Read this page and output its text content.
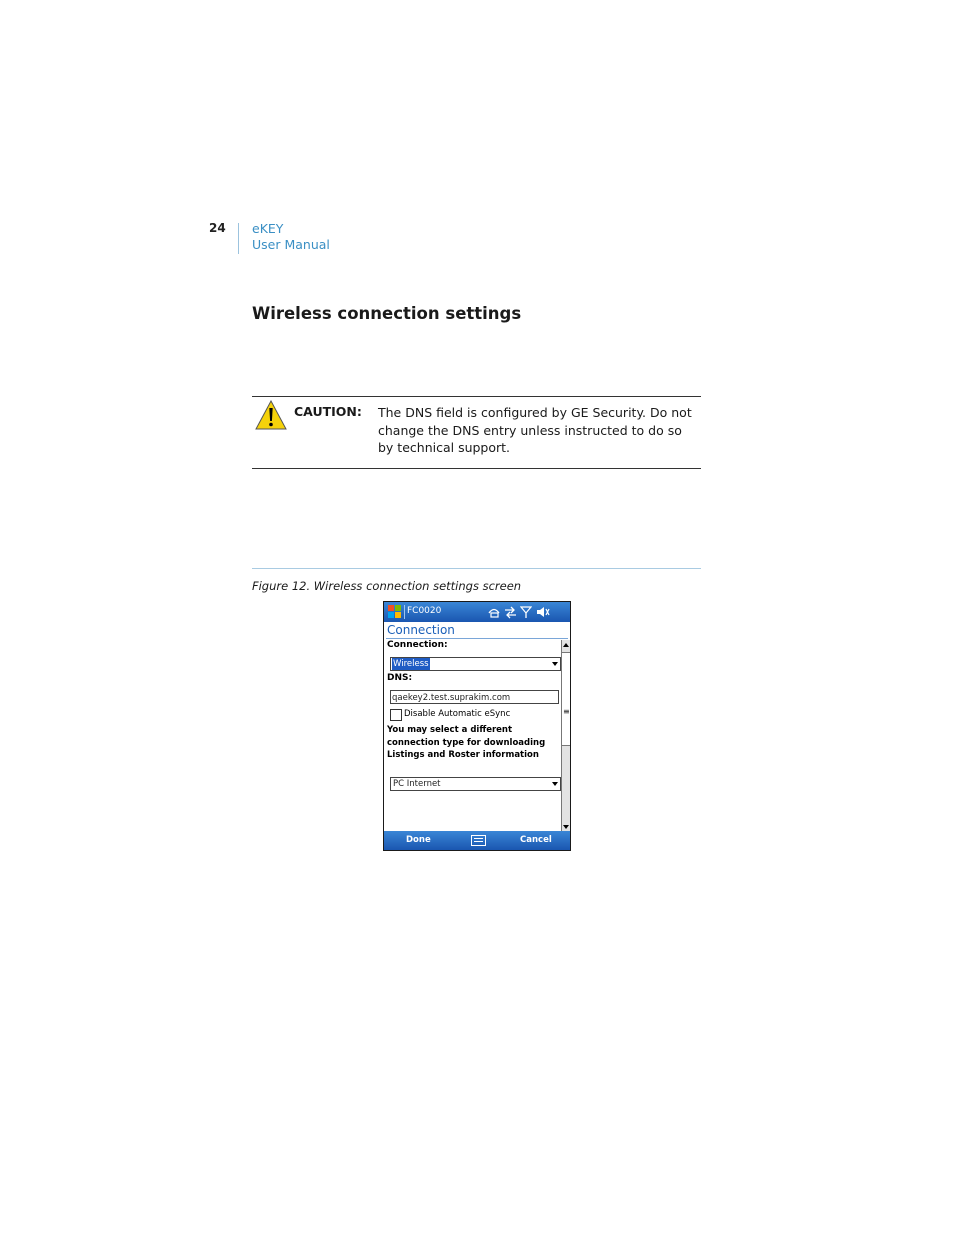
24 eKEY
User Manual
Wireless connection settings
CAUTION: The DNS field is configured by GE Security. Do not change the DNS entry unless instructed to do so by technical support.
Figure 12. Wireless connection settings screen
FC0020
Connection
Connection:
Wireless
DNS:
qaekey2.test.suprakim.com
Disable Automatic eSync
You may select a different connection type for downloading Listings and Roster information
PC Internet
≡
Done	Cancel
